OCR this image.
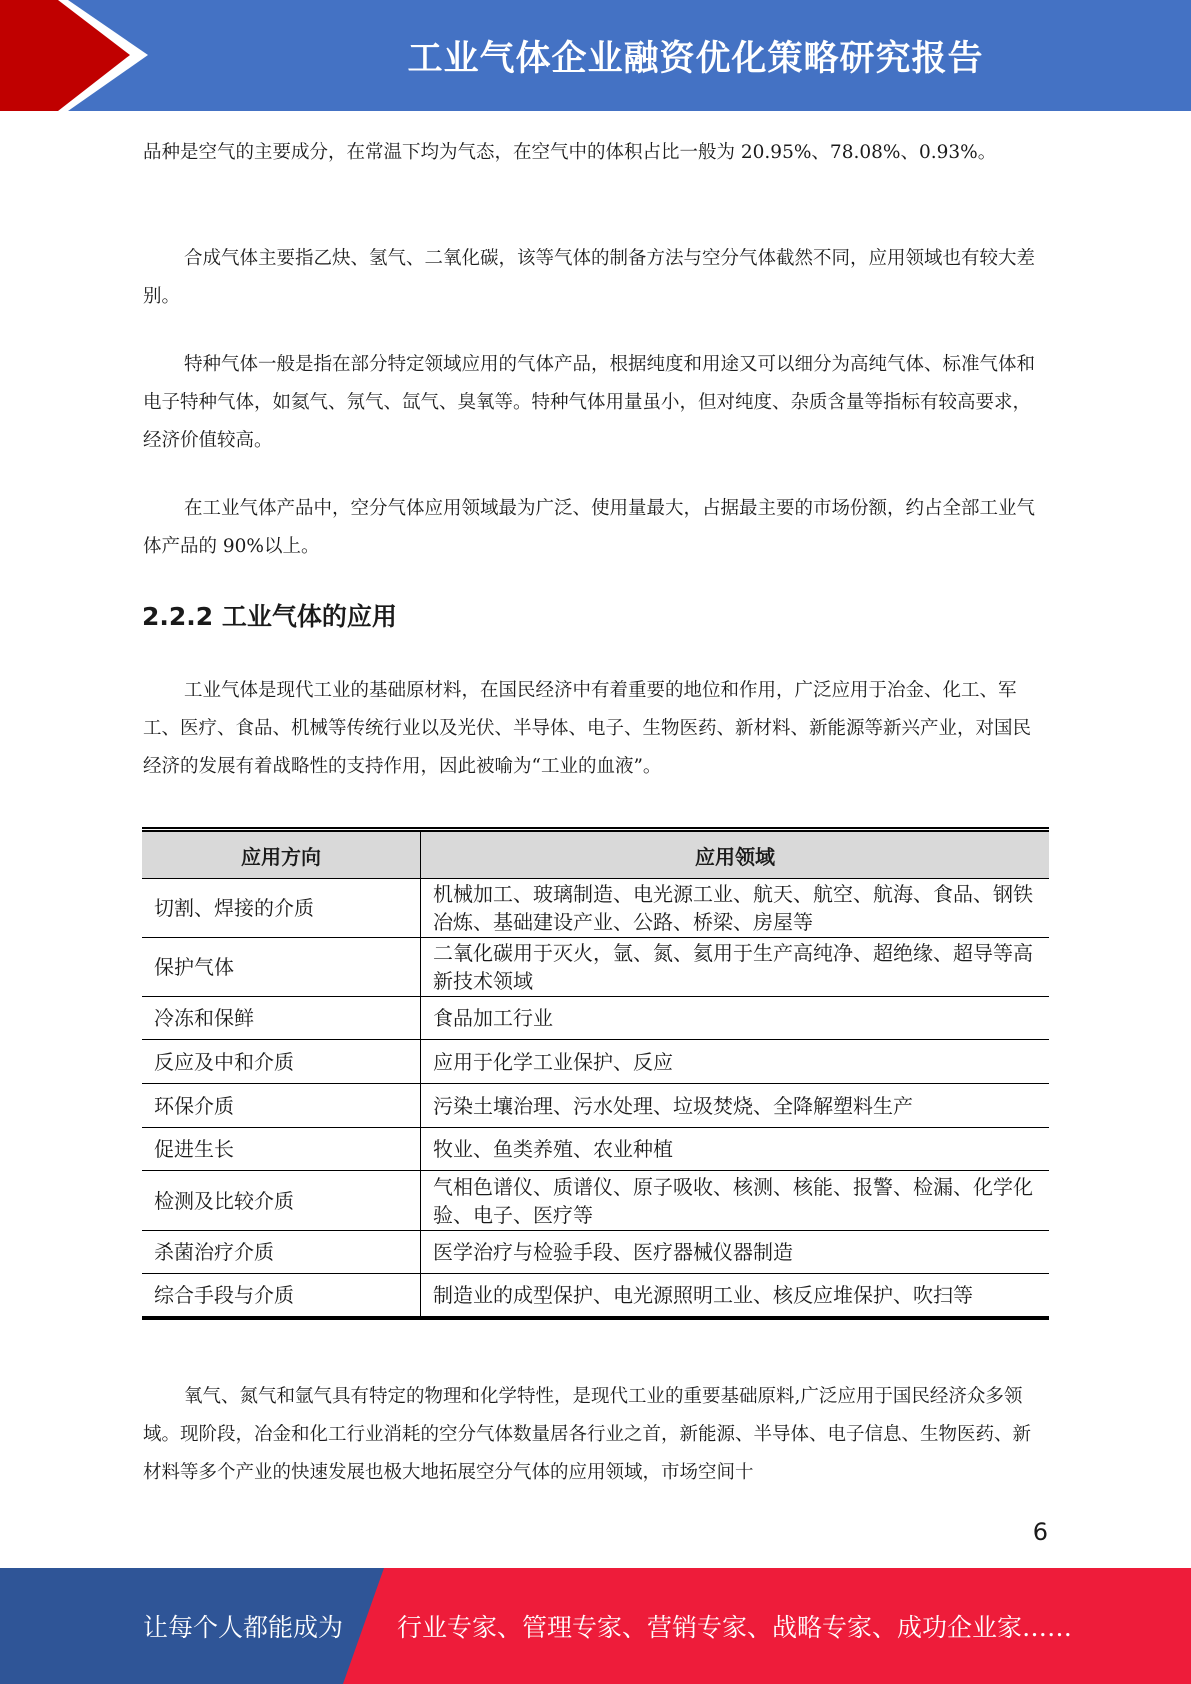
工业气体企业融资优化策略研究报告

品种是空气的主要成分，在常温下均为气态，在空气中的体积占比一般为 20.95%、78.08%、0.93%。

合成气体主要指乙炔、氢气、二氧化碳，该等气体的制备方法与空分气体截然不同，应用领域也有较大差别。

特种气体一般是指在部分特定领域应用的气体产品，根据纯度和用途又可以细分为高纯气体、标准气体和电子特种气体，如氦气、氖气、氙气、臭氧等。特种气体用量虽小，但对纯度、杂质含量等指标有较高要求，经济价值较高。

在工业气体产品中，空分气体应用领域最为广泛、使用量最大，占据最主要的市场份额，约占全部工业气体产品的 90%以上。

2.2.2 工业气体的应用

工业气体是现代工业的基础原材料，在国民经济中有着重要的地位和作用，广泛应用于冶金、化工、军工、医疗、食品、机械等传统行业以及光伏、半导体、电子、生物医药、新材料、新能源等新兴产业，对国民经济的发展有着战略性的支持作用，因此被喻为“工业的血液”。

应用方向	应用领域
切割、焊接的介质	机械加工、玻璃制造、电光源工业、航天、航空、航海、食品、钢铁冶炼、基础建设产业、公路、桥梁、房屋等
保护气体	二氧化碳用于灭火，氩、氮、氦用于生产高纯净、超绝缘、超导等高新技术领域
冷冻和保鲜	食品加工行业
反应及中和介质	应用于化学工业保护、反应
环保介质	污染土壤治理、污水处理、垃圾焚烧、全降解塑料生产
促进生长	牧业、鱼类养殖、农业种植
检测及比较介质	气相色谱仪、质谱仪、原子吸收、核测、核能、报警、检漏、化学化验、电子、医疗等
杀菌治疗介质	医学治疗与检验手段、医疗器械仪器制造
综合手段与介质	制造业的成型保护、电光源照明工业、核反应堆保护、吹扫等

氧气、氮气和氩气具有特定的物理和化学特性，是现代工业的重要基础原料,广泛应用于国民经济众多领域。现阶段，冶金和化工行业消耗的空分气体数量居各行业之首，新能源、半导体、电子信息、生物医药、新材料等多个产业的快速发展也极大地拓展空分气体的应用领域，市场空间十

6
让每个人都能成为 行业专家、管理专家、营销专家、战略专家、成功企业家……
